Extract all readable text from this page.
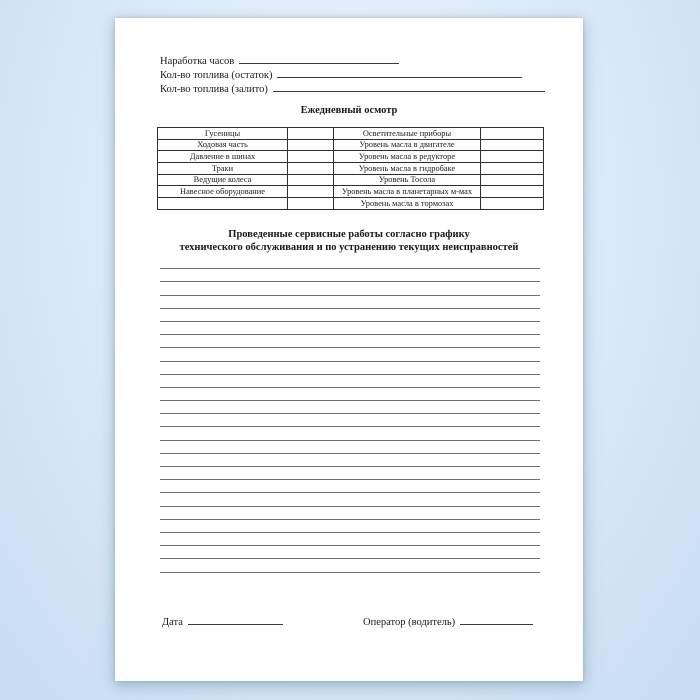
Наработка часов
Кол-во топлива (остаток)
Кол-во топлива (залито)
Ежедневный осмотр
Гусеницы		Осветительные приборы	
Ходовая часть		Уровень масла в двигателе	
Давление в шинах		Уровень масла в редукторе	
Траки		Уровень масла в гидробаке	
Ведущие колеса		Уровень Тосола	
Навесное оборудование		Уровень масла в планетарных м-мах	
		Уровень масла в тормозах	
Проведенные сервисные работы согласно графику
технического обслуживания и по устранению текущих неисправностей
Дата	Оператор (водитель)
